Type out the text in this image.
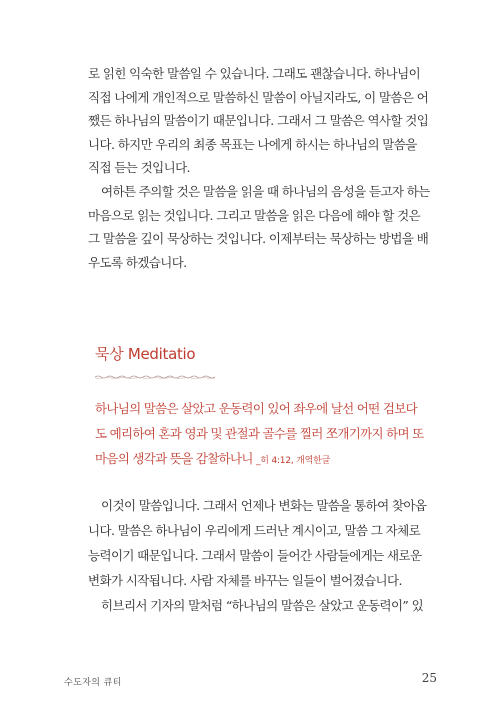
로 읽힌 익숙한 말씀일 수 있습니다. 그래도 괜찮습니다. 하나님이
직접 나에게 개인적으로 말씀하신 말씀이 아닐지라도, 이 말씀은 어
쨌든 하나님의 말씀이기 때문입니다. 그래서 그 말씀은 역사할 것입
니다. 하지만 우리의 최종 목표는 나에게 하시는 하나님의 말씀을
직접 듣는 것입니다.
여하튼 주의할 것은 말씀을 읽을 때 하나님의 음성을 듣고자 하는
마음으로 읽는 것입니다. 그리고 말씀을 읽은 다음에 해야 할 것은
그 말씀을 깊이 묵상하는 것입니다. 이제부터는 묵상하는 방법을 배
우도록 하겠습니다.
묵상 Meditatio
하나님의 말씀은 살았고 운동력이 있어 좌우에 날선 어떤 검보다
도 예리하여 혼과 영과 및 관절과 골수를 찔러 쪼개기까지 하며 또
마음의 생각과 뜻을 감찰하나니 _히 4:12, 개역한글
이것이 말씀입니다. 그래서 언제나 변화는 말씀을 통하여 찾아옵
니다. 말씀은 하나님이 우리에게 드러난 계시이고, 말씀 그 자체로
능력이기 때문입니다. 그래서 말씀이 들어간 사람들에게는 새로운
변화가 시작됩니다. 사람 자체를 바꾸는 일들이 벌어졌습니다.
히브리서 기자의 말처럼 “하나님의 말씀은 살았고 운동력이” 있
수도자의 큐티	25
